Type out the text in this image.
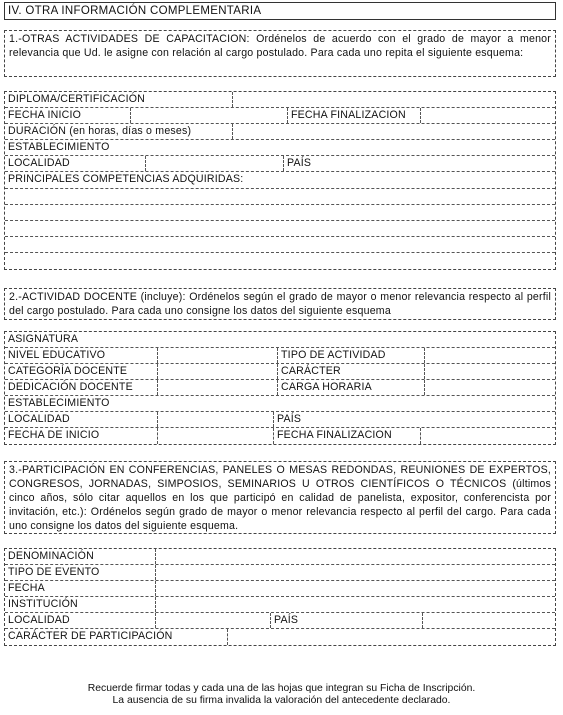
IV. OTRA INFORMACIÓN COMPLEMENTARIA
1.-OTRAS ACTIVIDADES DE CAPACITACION: Ordénelos de acuerdo con el grado de mayor a menor relevancia que Ud. le asigne con relación al cargo postulado. Para cada uno repita el siguiente esquema:
DIPLOMA/CERTIFICACIÓN
FECHA INICIO	FECHA FINALIZACION
DURACIÓN (en horas, días o meses)
ESTABLECIMIENTO
LOCALIDAD	PAÍS
PRINCIPALES COMPETENCIAS ADQUIRIDAS:
2.-ACTIVIDAD DOCENTE (incluye): Ordénelos según el grado de mayor o menor relevancia respecto al perfil del cargo postulado. Para cada uno consigne los datos del siguiente esquema
ASIGNATURA
NIVEL EDUCATIVO	TIPO DE ACTIVIDAD
CATEGORÍA DOCENTE	CARÁCTER
DEDICACIÓN DOCENTE	CARGA HORARIA
ESTABLECIMIENTO
LOCALIDAD	PAÍS
FECHA DE INICIO	FECHA FINALIZACION
3.-PARTICIPACIÓN EN CONFERENCIAS, PANELES O MESAS REDONDAS, REUNIONES DE EXPERTOS, CONGRESOS, JORNADAS, SIMPOSIOS, SEMINARIOS U OTROS CIENTÍFICOS O TÉCNICOS (últimos cinco años, sólo citar aquellos en los que participó en calidad de panelista, expositor, conferencista por invitación, etc.): Ordénelos según grado de mayor o menor relevancia respecto al perfil del cargo. Para cada uno consigne los datos del siguiente esquema.
DENOMINACIÓN
TIPO DE EVENTO
FECHA
INSTITUCIÓN
LOCALIDAD	PAÍS
CARÁCTER DE PARTICIPACIÓN
Recuerde firmar todas y cada una de las hojas que integran su Ficha de Inscripción.
La ausencia de su firma invalida la valoración del antecedente declarado.
